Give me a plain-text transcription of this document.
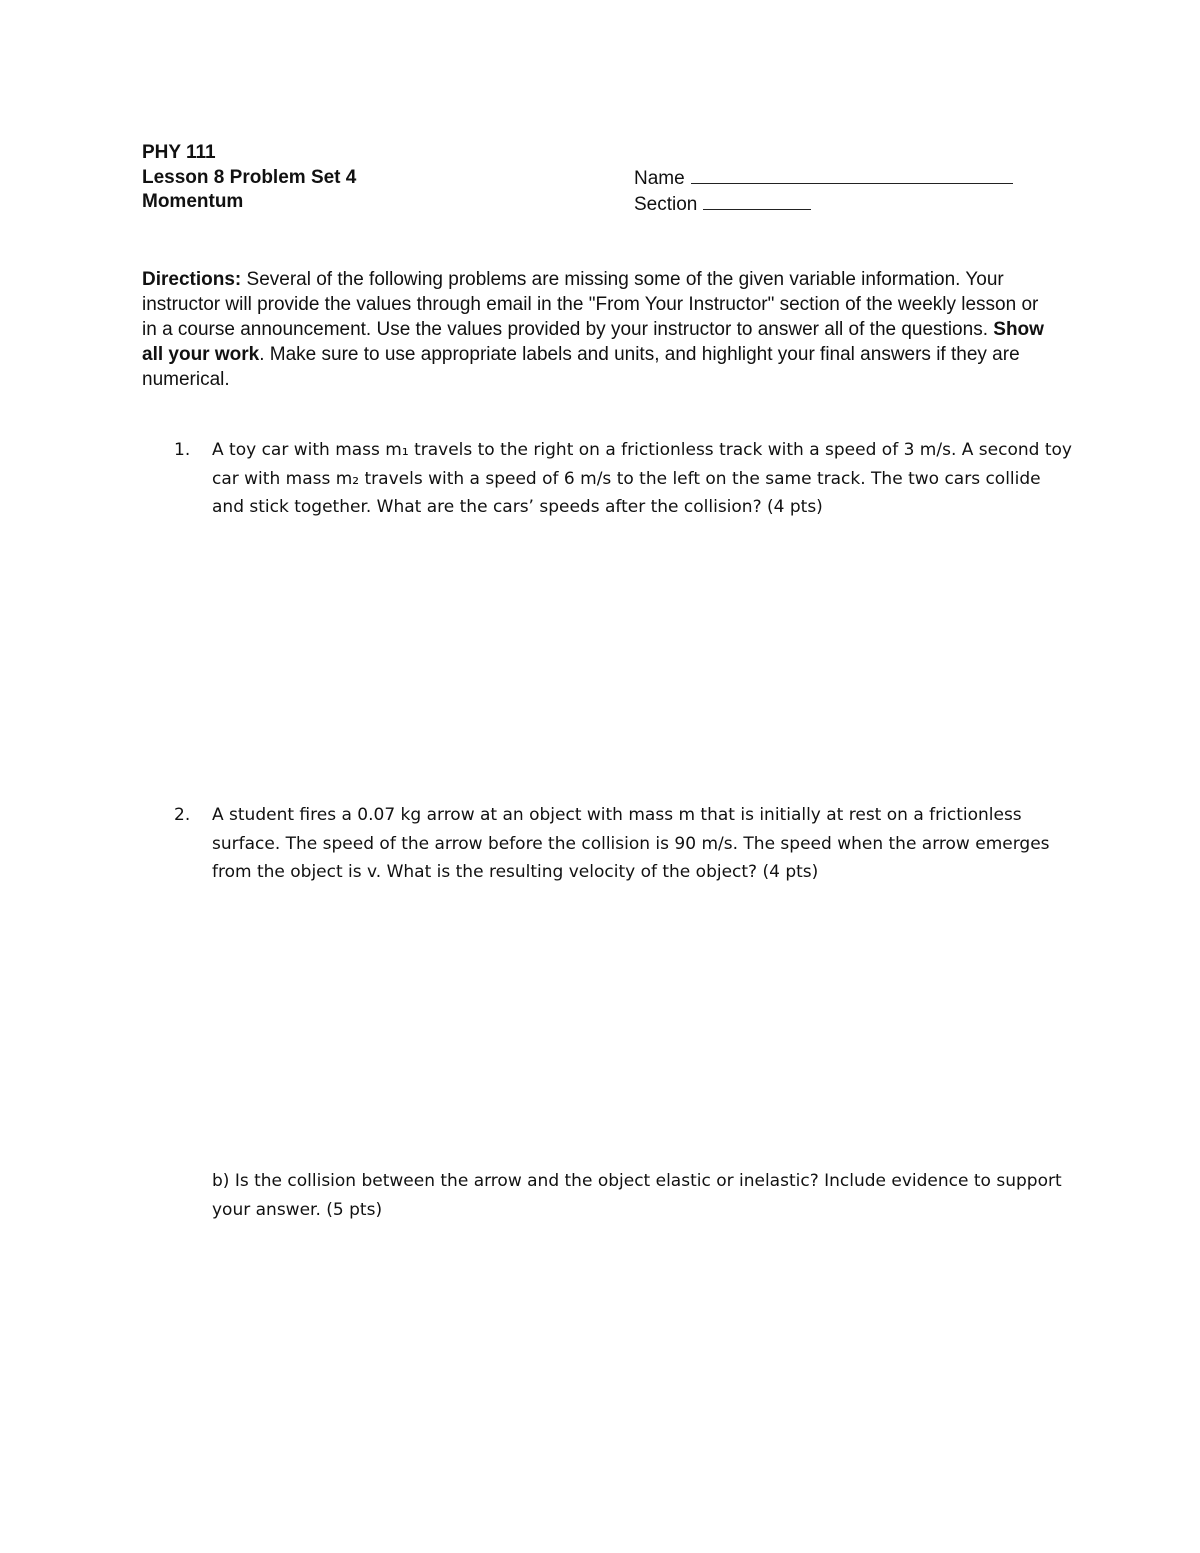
PHY 111
Lesson 8 Problem Set 4
Momentum
Name
Section
Directions: Several of the following problems are missing some of the given variable information. Your instructor will provide the values through email in the "From Your Instructor" section of the weekly lesson or in a course announcement. Use the values provided by your instructor to answer all of the questions. Show all your work. Make sure to use appropriate labels and units, and highlight your final answers if they are numerical.
1.	A toy car with mass m₁ travels to the right on a frictionless track with a speed of 3 m/s. A second toy car with mass m₂ travels with a speed of 6 m/s to the left on the same track. The two cars collide and stick together. What are the cars’ speeds after the collision? (4 pts)
2.	A student fires a 0.07 kg arrow at an object with mass m that is initially at rest on a frictionless surface. The speed of the arrow before the collision is 90 m/s. The speed when the arrow emerges from the object is v. What is the resulting velocity of the object? (4 pts)
b) Is the collision between the arrow and the object elastic or inelastic? Include evidence to support your answer. (5 pts)
